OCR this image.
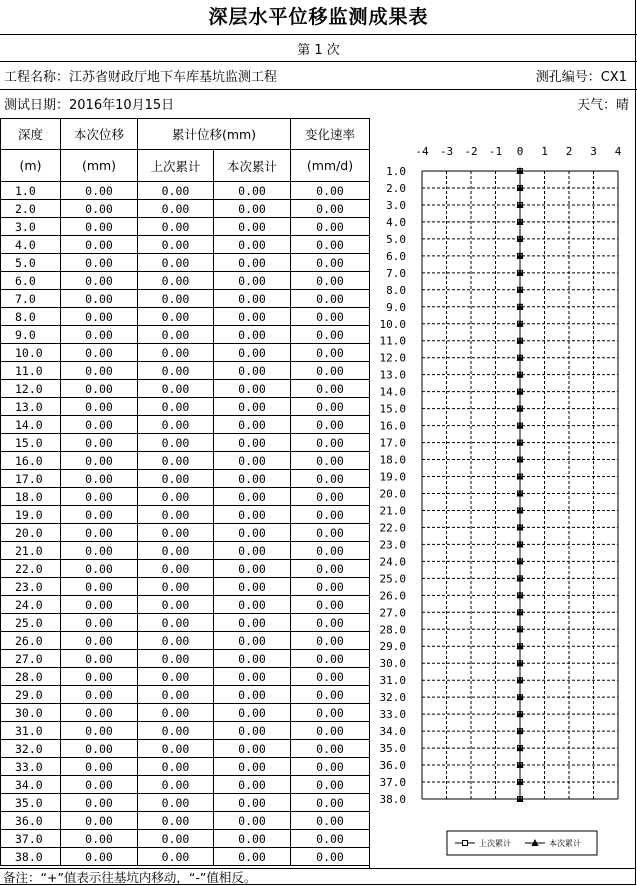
深层水平位移监测成果表
第 1 次
工程名称：江苏省财政厅地下车库基坑监测工程	测孔编号：CX1
测试日期：2016年10月15日	天气：晴
深度	本次位移	累计位移(mm)		变化速率
(m)	(mm)	上次累计	本次累计	(mm/d)
1.0	0.00	0.00	0.00	0.00
2.0	0.00	0.00	0.00	0.00
3.0	0.00	0.00	0.00	0.00
4.0	0.00	0.00	0.00	0.00
5.0	0.00	0.00	0.00	0.00
6.0	0.00	0.00	0.00	0.00
7.0	0.00	0.00	0.00	0.00
8.0	0.00	0.00	0.00	0.00
9.0	0.00	0.00	0.00	0.00
10.0	0.00	0.00	0.00	0.00
11.0	0.00	0.00	0.00	0.00
12.0	0.00	0.00	0.00	0.00
13.0	0.00	0.00	0.00	0.00
14.0	0.00	0.00	0.00	0.00
15.0	0.00	0.00	0.00	0.00
16.0	0.00	0.00	0.00	0.00
17.0	0.00	0.00	0.00	0.00
18.0	0.00	0.00	0.00	0.00
19.0	0.00	0.00	0.00	0.00
20.0	0.00	0.00	0.00	0.00
21.0	0.00	0.00	0.00	0.00
22.0	0.00	0.00	0.00	0.00
23.0	0.00	0.00	0.00	0.00
24.0	0.00	0.00	0.00	0.00
25.0	0.00	0.00	0.00	0.00
26.0	0.00	0.00	0.00	0.00
27.0	0.00	0.00	0.00	0.00
28.0	0.00	0.00	0.00	0.00
29.0	0.00	0.00	0.00	0.00
30.0	0.00	0.00	0.00	0.00
31.0	0.00	0.00	0.00	0.00
32.0	0.00	0.00	0.00	0.00
33.0	0.00	0.00	0.00	0.00
34.0	0.00	0.00	0.00	0.00
35.0	0.00	0.00	0.00	0.00
36.0	0.00	0.00	0.00	0.00
37.0	0.00	0.00	0.00	0.00
38.0	0.00	0.00	0.00	0.00
-4 -3 -2 -1 0 1 2 3 4
1.0
2.0
3.0
4.0
5.0
6.0
7.0
8.0
9.0
10.0
11.0
12.0
13.0
14.0
15.0
16.0
17.0
18.0
19.0
20.0
21.0
22.0
23.0
24.0
25.0
26.0
27.0
28.0
29.0
30.0
31.0
32.0
33.0
34.0
35.0
36.0
37.0
38.0
上次累计	本次累计
备注：“+”值表示往基坑内移动，“-”值相反。
